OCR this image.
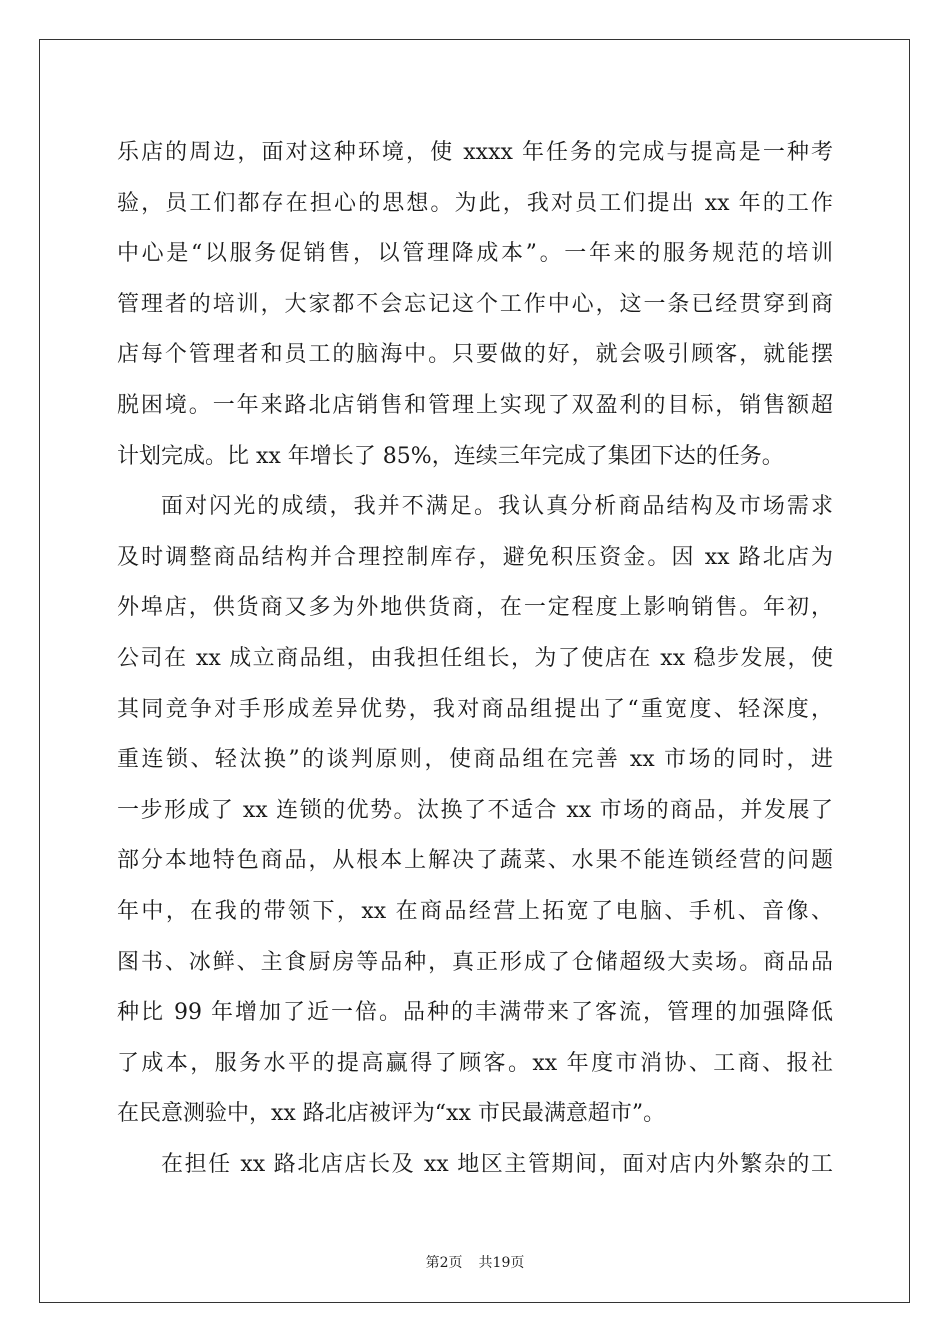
乐店的周边，面对这种环境，使 xxxx 年任务的完成与提高是一种考
验，员工们都存在担心的思想。为此，我对员工们提出 xx 年的工作
中心是“以服务促销售，以管理降成本”。一年来的服务规范的培训
管理者的培训，大家都不会忘记这个工作中心，这一条已经贯穿到商
店每个管理者和员工的脑海中。只要做的好，就会吸引顾客，就能摆
脱困境。一年来路北店销售和管理上实现了双盈利的目标，销售额超
计划完成。比 xx 年增长了 85%，连续三年完成了集团下达的任务。
面对闪光的成绩，我并不满足。我认真分析商品结构及市场需求
及时调整商品结构并合理控制库存，避免积压资金。因 xx 路北店为
外埠店，供货商又多为外地供货商，在一定程度上影响销售。年初，
公司在 xx 成立商品组，由我担任组长，为了使店在 xx 稳步发展，使
其同竞争对手形成差异优势，我对商品组提出了“重宽度、轻深度，
重连锁、轻汰换”的谈判原则，使商品组在完善 xx 市场的同时，进
一步形成了 xx 连锁的优势。汰换了不适合 xx 市场的商品，并发展了
部分本地特色商品，从根本上解决了蔬菜、水果不能连锁经营的问题
年中，在我的带领下，xx 在商品经营上拓宽了电脑、手机、音像、
图书、冰鲜、主食厨房等品种，真正形成了仓储超级大卖场。商品品
种比 99 年增加了近一倍。品种的丰满带来了客流，管理的加强降低
了成本，服务水平的提高赢得了顾客。xx 年度市消协、工商、报社
在民意测验中，xx 路北店被评为“xx 市民最满意超市”。
在担任 xx 路北店店长及 xx 地区主管期间，面对店内外繁杂的工
第2页 共19页
